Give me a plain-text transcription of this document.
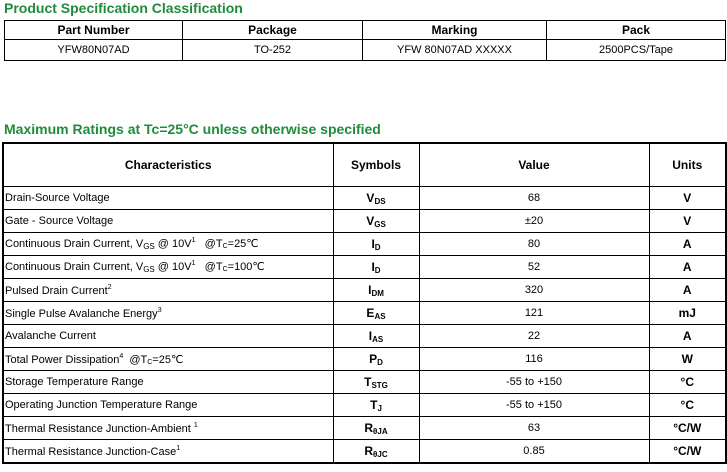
Product Specification Classification
Part Number	Package	Marking	Pack
YFW80N07AD	TO-252	YFW 80N07AD XXXXX	2500PCS/Tape
Maximum Ratings at Tc=25°C unless otherwise specified
Characteristics	Symbols	Value	Units
Drain-Source Voltage	$V_{DS}$	68	V
Gate - Source Voltage	$V_{GS}$	±20	V
Continuous Drain Current, $V_{GS}$ @ $10V^1$   @TC=25℃	$I_D$	80	A
Continuous Drain Current, $V_{GS}$ @ $10V^1$   @TC=100℃	$I_D$	52	A
Pulsed Drain Current$^2$	$I_{DM}$	320	A
Single Pulse Avalanche Energy$^3$	$E_{AS}$	121	mJ
Avalanche Current	$I_{AS}$	22	A
Total Power Dissipation$^4$  @TC=25℃	$P_D$	116	W
Storage Temperature Range	$T_{STG}$	-55 to +150	°C
Operating Junction Temperature Range	$T_J$	-55 to +150	°C
Thermal Resistance Junction-Ambient $^1$	$R_{\theta JA}$	63	°C/W
Thermal Resistance Junction-Case$^1$	$R_{\theta JC}$	0.85	°C/W
